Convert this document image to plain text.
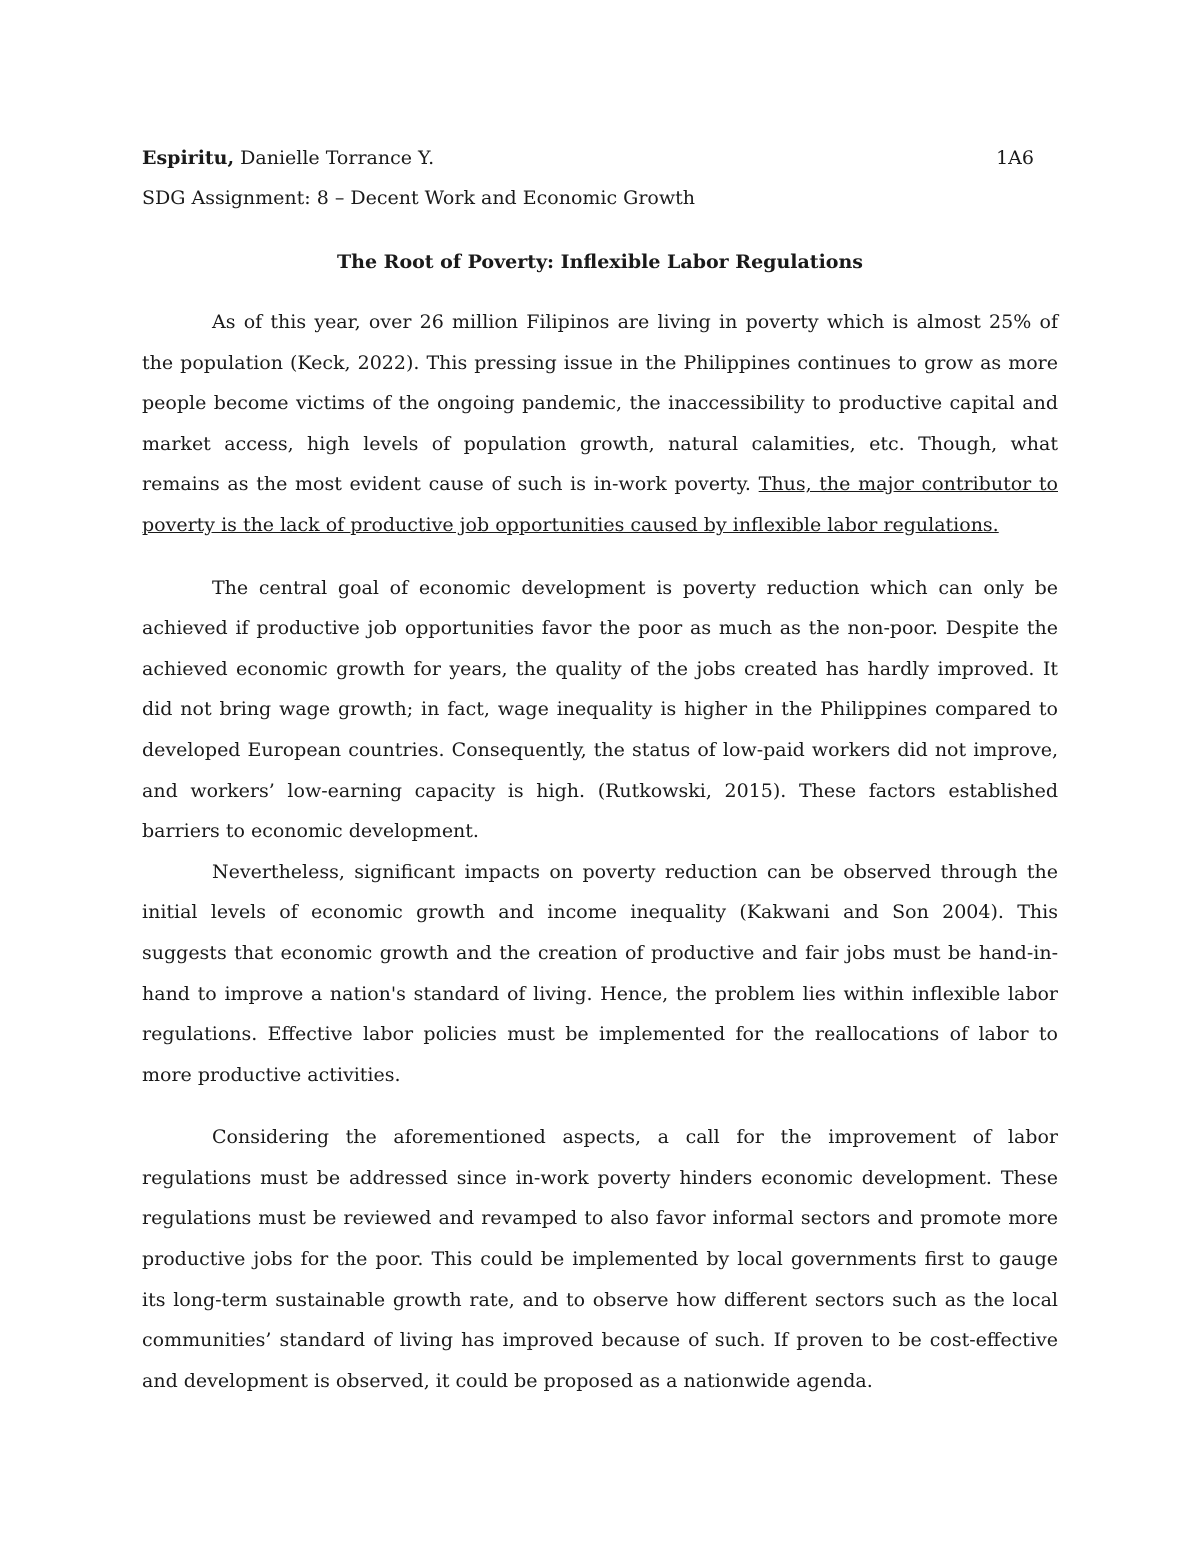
Espiritu, Danielle Torrance Y.	1A6

SDG Assignment: 8 – Decent Work and Economic Growth

The Root of Poverty: Inflexible Labor Regulations

As of this year, over 26 million Filipinos are living in poverty which is almost 25% of the population (Keck, 2022). This pressing issue in the Philippines continues to grow as more people become victims of the ongoing pandemic, the inaccessibility to productive capital and market access, high levels of population growth, natural calamities, etc. Though, what remains as the most evident cause of such is in-work poverty. Thus, the major contributor to poverty is the lack of productive job opportunities caused by inflexible labor regulations.

The central goal of economic development is poverty reduction which can only be achieved if productive job opportunities favor the poor as much as the non-poor. Despite the achieved economic growth for years, the quality of the jobs created has hardly improved. It did not bring wage growth; in fact, wage inequality is higher in the Philippines compared to developed European countries. Consequently, the status of low-paid workers did not improve, and workers’ low-earning capacity is high. (Rutkowski, 2015). These factors established barriers to economic development.

Nevertheless, significant impacts on poverty reduction can be observed through the initial levels of economic growth and income inequality (Kakwani and Son 2004). This suggests that economic growth and the creation of productive and fair jobs must be hand-in-hand to improve a nation's standard of living. Hence, the problem lies within inflexible labor regulations. Effective labor policies must be implemented for the reallocations of labor to more productive activities.

Considering the aforementioned aspects, a call for the improvement of labor regulations must be addressed since in-work poverty hinders economic development. These regulations must be reviewed and revamped to also favor informal sectors and promote more productive jobs for the poor. This could be implemented by local governments first to gauge its long-term sustainable growth rate, and to observe how different sectors such as the local communities’ standard of living has improved because of such. If proven to be cost-effective and development is observed, it could be proposed as a nationwide agenda.
